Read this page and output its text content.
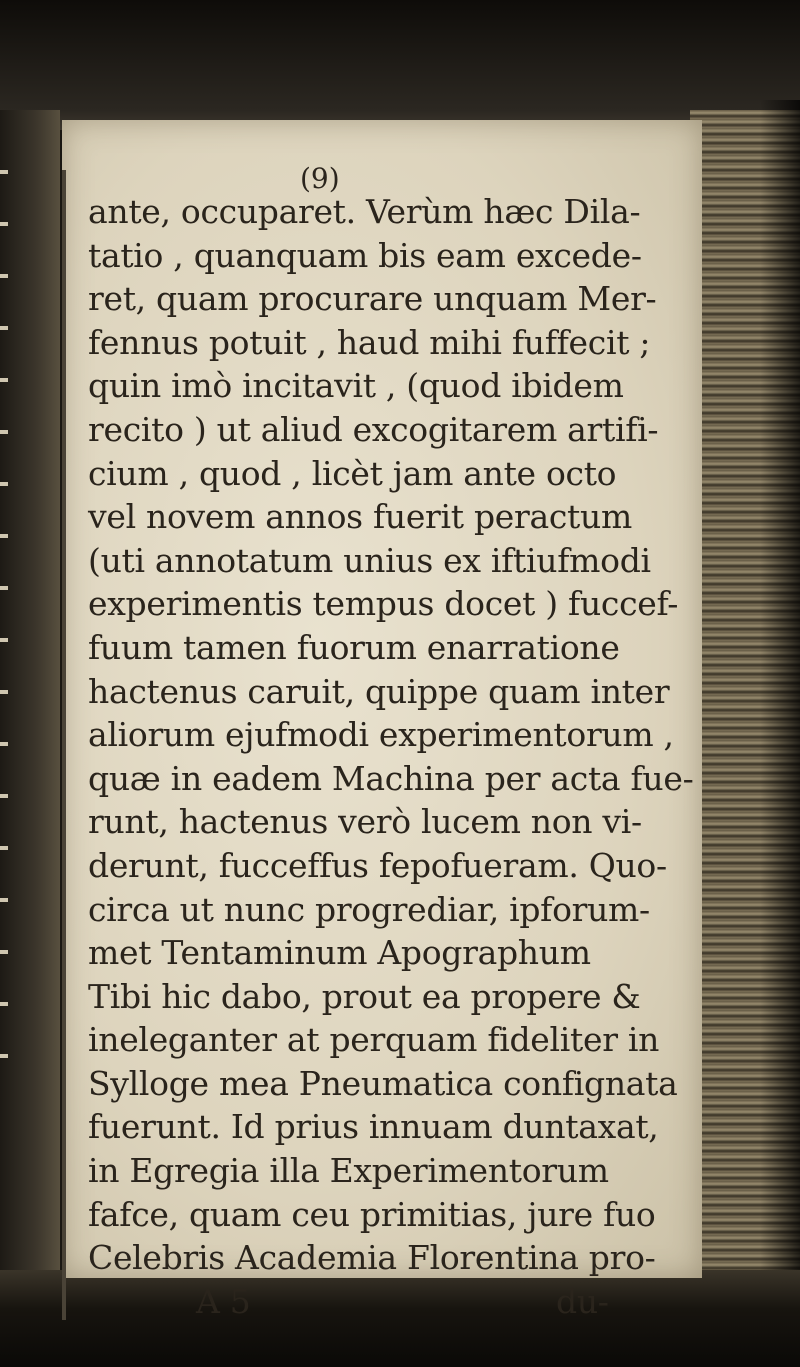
(9)
ante, occuparet. Verùm hæc Dila-
tatio , quanquam bis eam excede-
ret, quam procurare unquam Mer-
fennus potuit , haud mihi fuffecit ;
quin imò incitavit , (quod ibidem
recito ) ut aliud excogitarem artifi-
cium , quod , licèt jam ante octo
vel novem annos fuerit peractum
(uti annotatum unius ex iftiufmodi
experimentis tempus docet ) fuccef-
fuum tamen fuorum enarratione
hactenus caruit, quippe quam inter
aliorum ejufmodi experimentorum ,
quæ in eadem Machina per acta fue-
runt, hactenus verò lucem non vi-
derunt, fucceffus fepofueram. Quo-
circa ut nunc progrediar, ipforum-
met Tentaminum Apographum
Tibi hic dabo, prout ea propere &
ineleganter at perquam fideliter in
Sylloge mea Pneumatica confignata
fuerunt. Id prius innuam duntaxat,
in Egregia illa Experimentorum
fafce, quam ceu primitias, jure fuo
Celebris Academia Florentina pro-
A 5	du-
